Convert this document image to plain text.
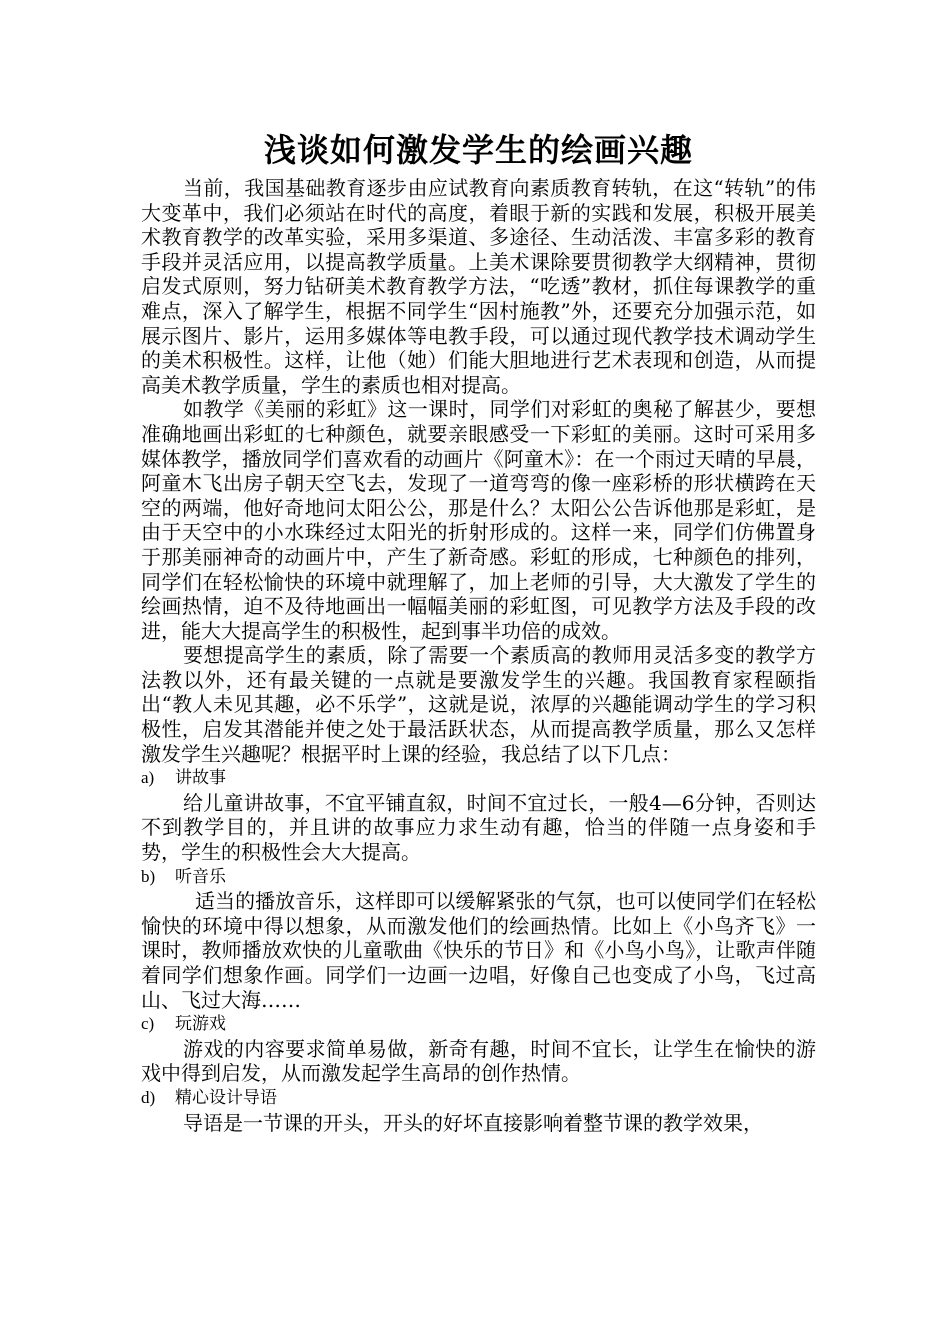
浅谈如何激发学生的绘画兴趣

当前，我国基础教育逐步由应试教育向素质教育转轨，在这“转轨”的伟大变革中，我们必须站在时代的高度，着眼于新的实践和发展，积极开展美术教育教学的改革实验，采用多渠道、多途径、生动活泼、丰富多彩的教育手段并灵活应用，以提高教学质量。上美术课除要贯彻教学大纲精神，贯彻启发式原则，努力钻研美术教育教学方法，“吃透”教材，抓住每课教学的重难点，深入了解学生，根据不同学生“因村施教”外，还要充分加强示范，如展示图片、影片，运用多媒体等电教手段，可以通过现代教学技术调动学生的美术积极性。这样，让他（她）们能大胆地进行艺术表现和创造，从而提高美术教学质量，学生的素质也相对提高。

如教学《美丽的彩虹》这一课时，同学们对彩虹的奥秘了解甚少，要想准确地画出彩虹的七种颜色，就要亲眼感受一下彩虹的美丽。这时可采用多媒体教学，播放同学们喜欢看的动画片《阿童木》：在一个雨过天晴的早晨，阿童木飞出房子朝天空飞去，发现了一道弯弯的像一座彩桥的形状横跨在天空的两端，他好奇地问太阳公公，那是什么？太阳公公告诉他那是彩虹，是由于天空中的小水珠经过太阳光的折射形成的。这样一来，同学们仿佛置身于那美丽神奇的动画片中，产生了新奇感。彩虹的形成，七种颜色的排列，同学们在轻松愉快的环境中就理解了，加上老师的引导，大大激发了学生的绘画热情，迫不及待地画出一幅幅美丽的彩虹图，可见教学方法及手段的改进，能大大提高学生的积极性，起到事半功倍的成效。

要想提高学生的素质，除了需要一个素质高的教师用灵活多变的教学方法教以外，还有最关键的一点就是要激发学生的兴趣。我国教育家程颐指出“教人未见其趣，必不乐学”，这就是说，浓厚的兴趣能调动学生的学习积极性，启发其潜能并使之处于最活跃状态，从而提高教学质量，那么又怎样激发学生兴趣呢？根据平时上课的经验，我总结了以下几点：

a) 讲故事

给儿童讲故事，不宜平铺直叙，时间不宜过长，一般4—6分钟，否则达不到教学目的，并且讲的故事应力求生动有趣，恰当的伴随一点身姿和手势，学生的积极性会大大提高。

b) 听音乐

适当的播放音乐，这样即可以缓解紧张的气氛，也可以使同学们在轻松愉快的环境中得以想象，从而激发他们的绘画热情。比如上《小鸟齐飞》一课时，教师播放欢快的儿童歌曲《快乐的节日》和《小鸟小鸟》，让歌声伴随着同学们想象作画。同学们一边画一边唱，好像自己也变成了小鸟，飞过高山、飞过大海……

c) 玩游戏

游戏的内容要求简单易做，新奇有趣，时间不宜长，让学生在愉快的游戏中得到启发，从而激发起学生高昂的创作热情。

d) 精心设计导语

导语是一节课的开头，开头的好坏直接影响着整节课的教学效果，
